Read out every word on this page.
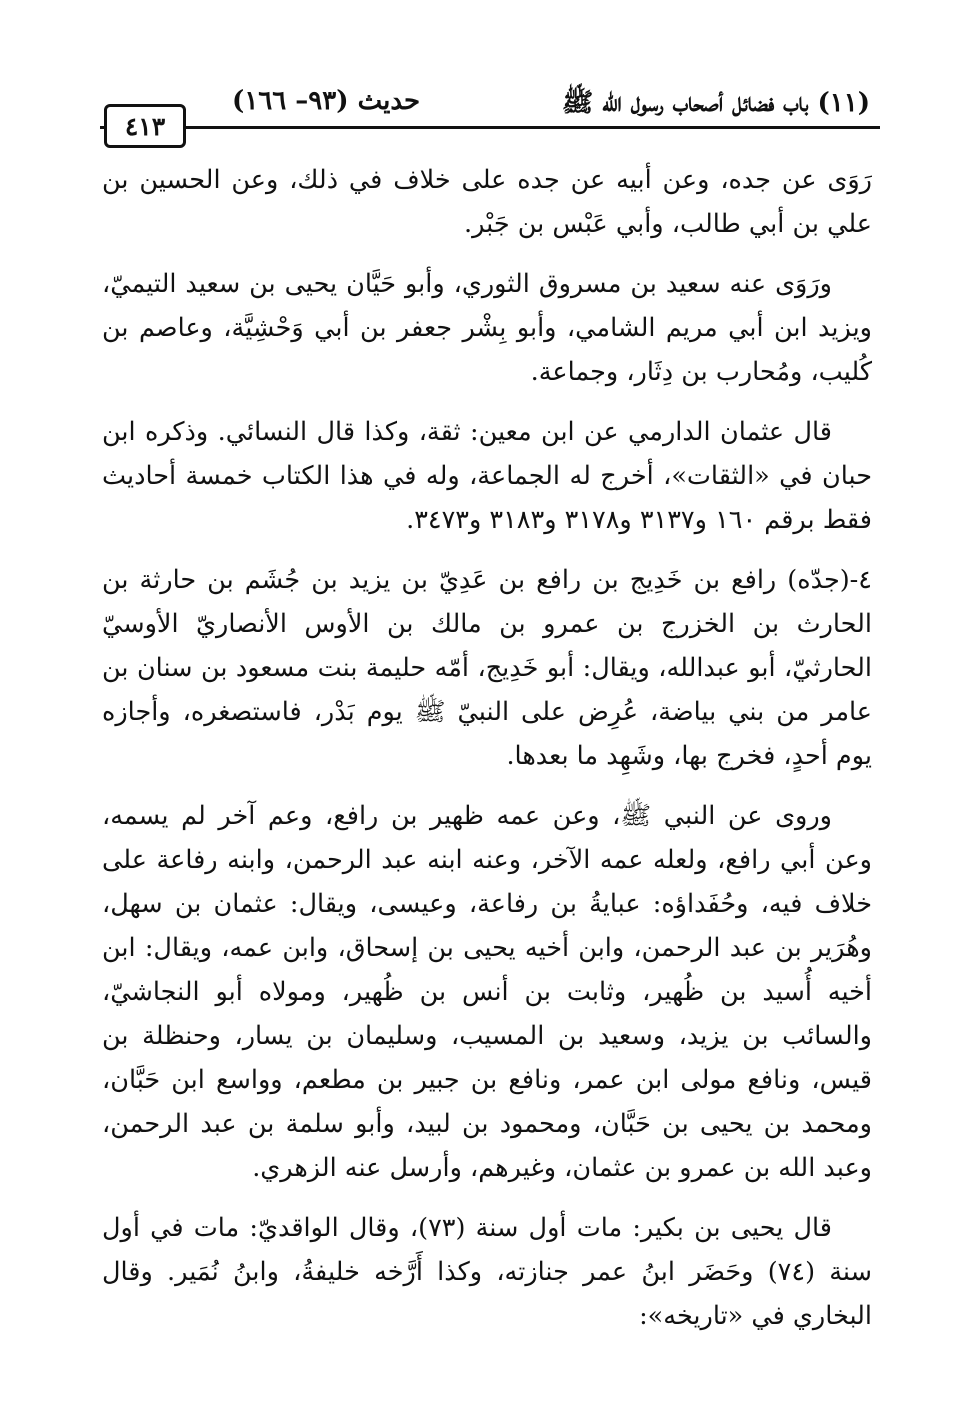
(١١) باب فضائل أصحاب رسول الله ﷺ
حديث (٩٣– ١٦٦)
٤١٣

رَوَى عن جده، وعن أبيه عن جده على خلاف في ذلك، وعن الحسين بن علي بن أبي طالب، وأبي عَبْس بن جَبْر.

ورَوَى عنه سعيد بن مسروق الثوري، وأبو حَيَّان يحيى بن سعيد التيميّ، ويزيد ابن أبي مريم الشامي، وأبو بِشْر جعفر بن أبي وَحْشِيَّة، وعاصم بن كُليب، ومُحارب بن دِثَار، وجماعة.

قال عثمان الدارمي عن ابن معين: ثقة، وكذا قال النسائي. وذكره ابن حبان في «الثقات»، أخرج له الجماعة، وله في هذا الكتاب خمسة أحاديث فقط برقم ١٦٠ و٣١٣٧ و٣١٧٨ و٣١٨٣ و٣٤٧٣.

٤-(جدّه) رافع بن خَدِيج بن رافع بن عَدِيّ بن يزيد بن جُشَم بن حارثة بن الحارث بن الخزرج بن عمرو بن مالك بن الأوس الأنصاريّ الأوسيّ الحارثيّ، أبو عبدالله، ويقال: أبو خَدِيج، أمّه حليمة بنت مسعود بن سنان بن عامر من بني بياضة، عُرِض على النبيّ ﷺ يوم بَدْر، فاستصغره، وأجازه يوم أحدٍ، فخرج بها، وشَهِد ما بعدها.

وروى عن النبي ﷺ، وعن عمه ظهير بن رافع، وعم آخر لم يسمه، وعن أبي رافع، ولعله عمه الآخر، وعنه ابنه عبد الرحمن، وابنه رفاعة على خلاف فيه، وحُفَداؤه: عبايةُ بن رفاعة، وعيسى، ويقال: عثمان بن سهل، وهُرَير بن عبد الرحمن، وابن أخيه يحيى بن إسحاق، وابن عمه، ويقال: ابن أخيه أُسيد بن ظُهير، وثابت بن أنس بن ظُهير، ومولاه أبو النجاشيّ، والسائب بن يزيد، وسعيد بن المسيب، وسليمان بن يسار، وحنظلة بن قيس، ونافع مولى ابن عمر، ونافع بن جبير بن مطعم، وواسع ابن حَبَّان، ومحمد بن يحيى بن حَبَّان، ومحمود بن لبيد، وأبو سلمة بن عبد الرحمن، وعبد الله بن عمرو بن عثمان، وغيرهم، وأرسل عنه الزهري.

قال يحيى بن بكير: مات أول سنة (٧٣)، وقال الواقديّ: مات في أول سنة (٧٤) وحَضَر ابنُ عمر جنازته، وكذا أَرَّخه خليفةُ، وابنُ نُمَير. وقال البخاري في «تاريخه»:
